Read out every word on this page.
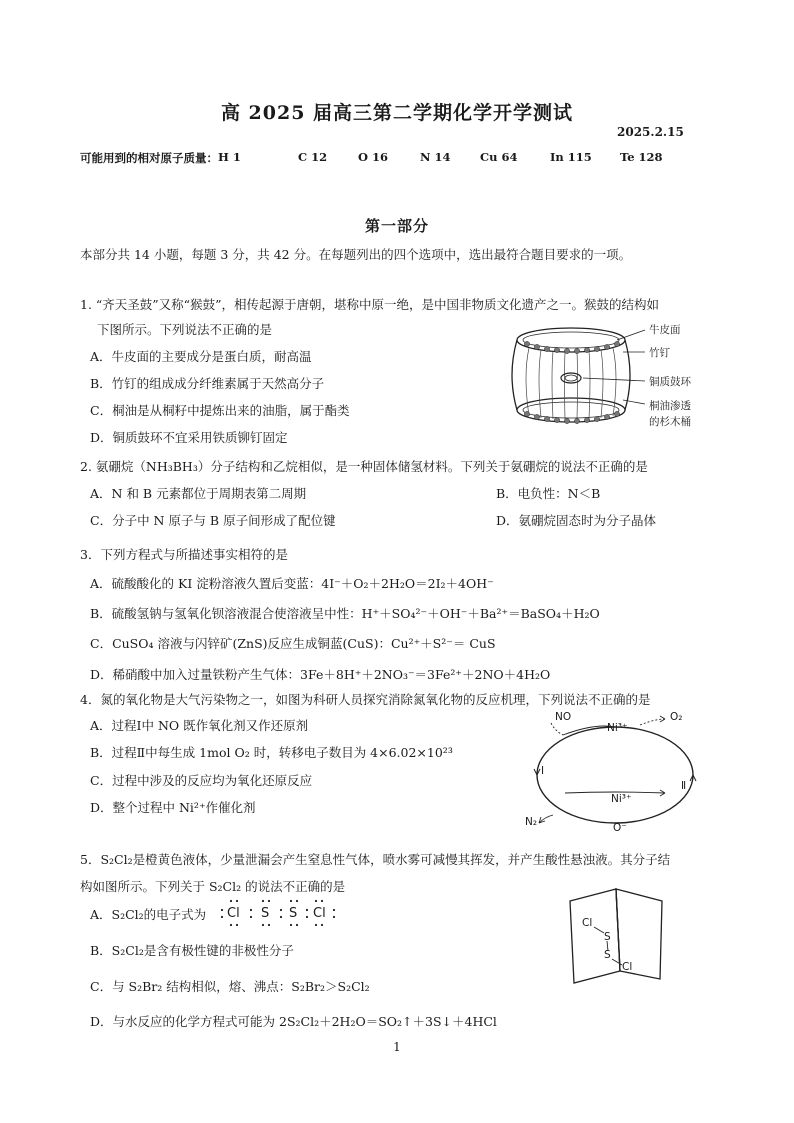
高 2025 届高三第二学期化学开学测试
2025.2.15
可能用到的相对原子质量： H 1	C 12	O 16	N 14	Cu 64	In 115 Te 128
第一部分
本部分共 14 小题，每题 3 分，共 42 分。在每题列出的四个选项中，选出最符合题目要求的一项。
1. “齐天圣鼓”又称“猴鼓”，相传起源于唐朝，堪称中原一绝，是中国非物质文化遗产之一。猴鼓的结构如
下图所示。下列说法不正确的是
A．牛皮面的主要成分是蛋白质，耐高温
B．竹钉的组成成分纤维素属于天然高分子
C．桐油是从桐籽中提炼出来的油脂，属于酯类
D．铜质鼓环不宜采用铁质铆钉固定
牛皮面
竹钉
铜质鼓环
桐油渗透
的杉木桶
2. 氨硼烷（NH₃BH₃）分子结构和乙烷相似，是一种固体储氢材料。下列关于氨硼烷的说法不正确的是
A．N 和 B 元素都位于周期表第二周期	B．电负性：N＜B
C．分子中 N 原子与 B 原子间形成了配位键	D．氨硼烷固态时为分子晶体
3．下列方程式与所描述事实相符的是
A．硫酸酸化的 KI 淀粉溶液久置后变蓝：4I⁻＋O₂＋2H₂O＝2I₂＋4OH⁻
B．硫酸氢钠与氢氧化钡溶液混合使溶液呈中性：H⁺＋SO₄²⁻＋OH⁻＋Ba²⁺＝BaSO₄＋H₂O
C．CuSO₄ 溶液与闪锌矿(ZnS)反应生成铜蓝(CuS)：Cu²⁺＋S²⁻＝ CuS
D．稀硝酸中加入过量铁粉产生气体：3Fe＋8H⁺＋2NO₃⁻＝3Fe²⁺＋2NO＋4H₂O
4．氮的氧化物是大气污染物之一，如图为科研人员探究消除氮氧化物的反应机理，下列说法不正确的是
A．过程Ⅰ中 NO 既作氧化剂又作还原剂
B．过程Ⅱ中每生成 1mol O₂ 时，转移电子数目为 4×6.02×10²³
C．过程中涉及的反应均为氧化还原反应
D．整个过程中 Ni²⁺作催化剂
NO	O₂
Ni³⁺
Ni³⁺
Ⅰ
Ⅱ
N₂	O⁻
5．S₂Cl₂是橙黄色液体，少量泄漏会产生窒息性气体，喷水雾可减慢其挥发，并产生酸性悬浊液。其分子结
构如图所示。下列关于 S₂Cl₂ 的说法不正确的是
A．S₂Cl₂的电子式为 Cl S S Cl
B．S₂Cl₂是含有极性键的非极性分子
C．与 S₂Br₂ 结构相似，熔、沸点：S₂Br₂＞S₂Cl₂
D．与水反应的化学方程式可能为 2S₂Cl₂＋2H₂O＝SO₂↑＋3S↓＋4HCl
Cl
S
S
Cl
1
